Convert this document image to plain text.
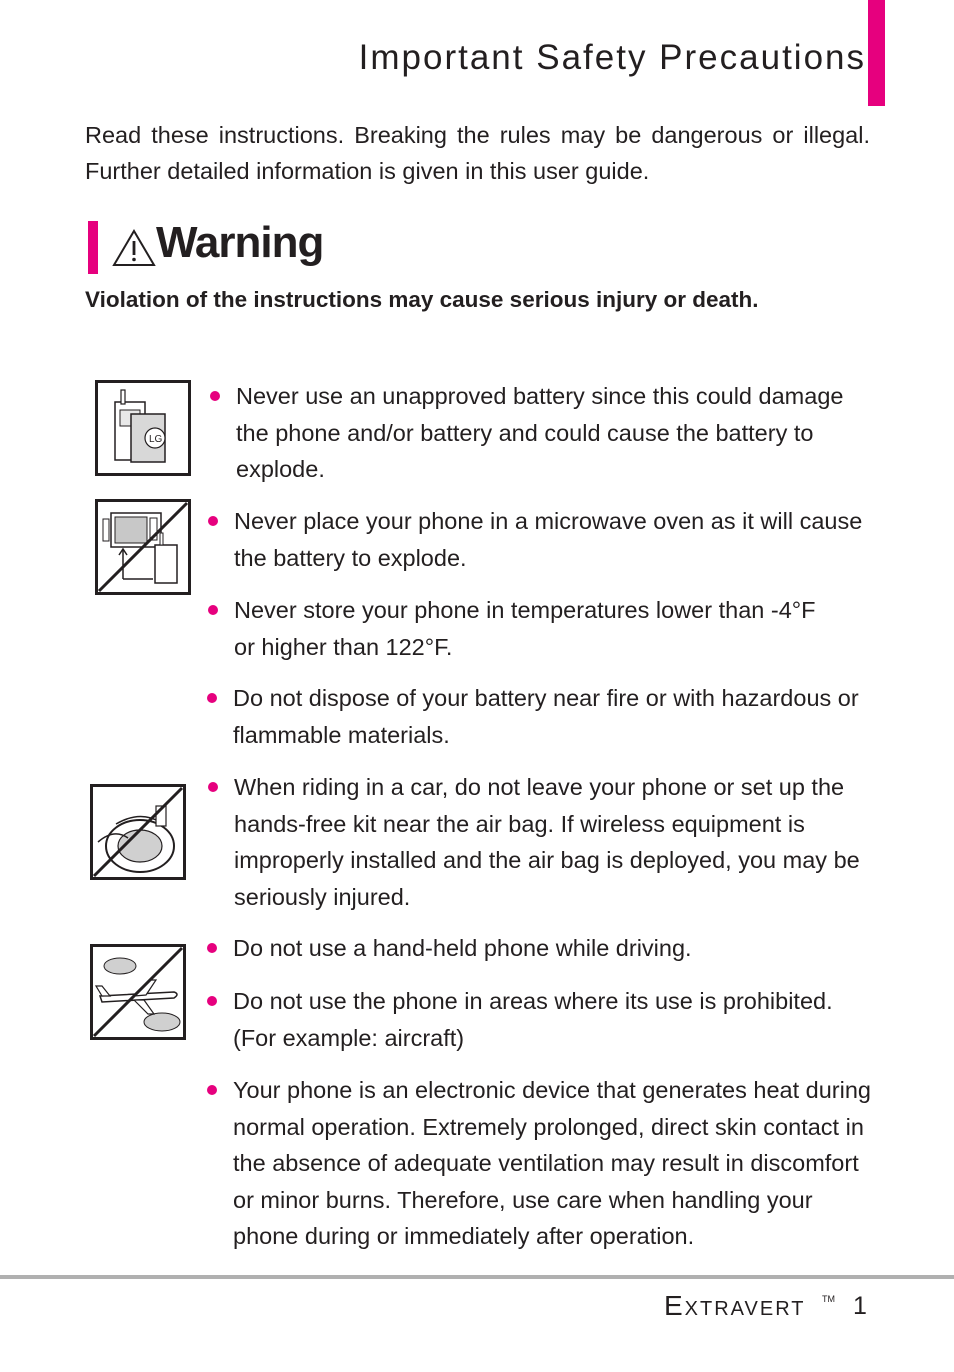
Important Safety Precautions

Read these instructions. Breaking the rules may be dangerous or illegal. Further detailed information is given in this user guide.

Warning

Violation of the instructions may cause serious injury or death.

LG

Never use an unapproved battery since this could damage the phone and/or battery and could cause the battery to explode.

Never place your phone in a microwave oven as it will cause the battery to explode.

Never store your phone in temperatures lower than -4°F or higher than 122°F.

Do not dispose of your battery near fire or with hazardous or flammable materials.

When riding in a car, do not leave your phone or set up the hands-free kit near the air bag. If wireless equipment is improperly installed and the air bag is deployed, you may be seriously injured.

Do not use a hand-held phone while driving.

Do not use the phone in areas where its use is prohibited. (For example: aircraft)

Your phone is an electronic device that generates heat during normal operation. Extremely prolonged, direct skin contact in the absence of adequate ventilation may result in discomfort or minor burns. Therefore, use care when handling your phone during or immediately after operation.

Extravert TM 1
